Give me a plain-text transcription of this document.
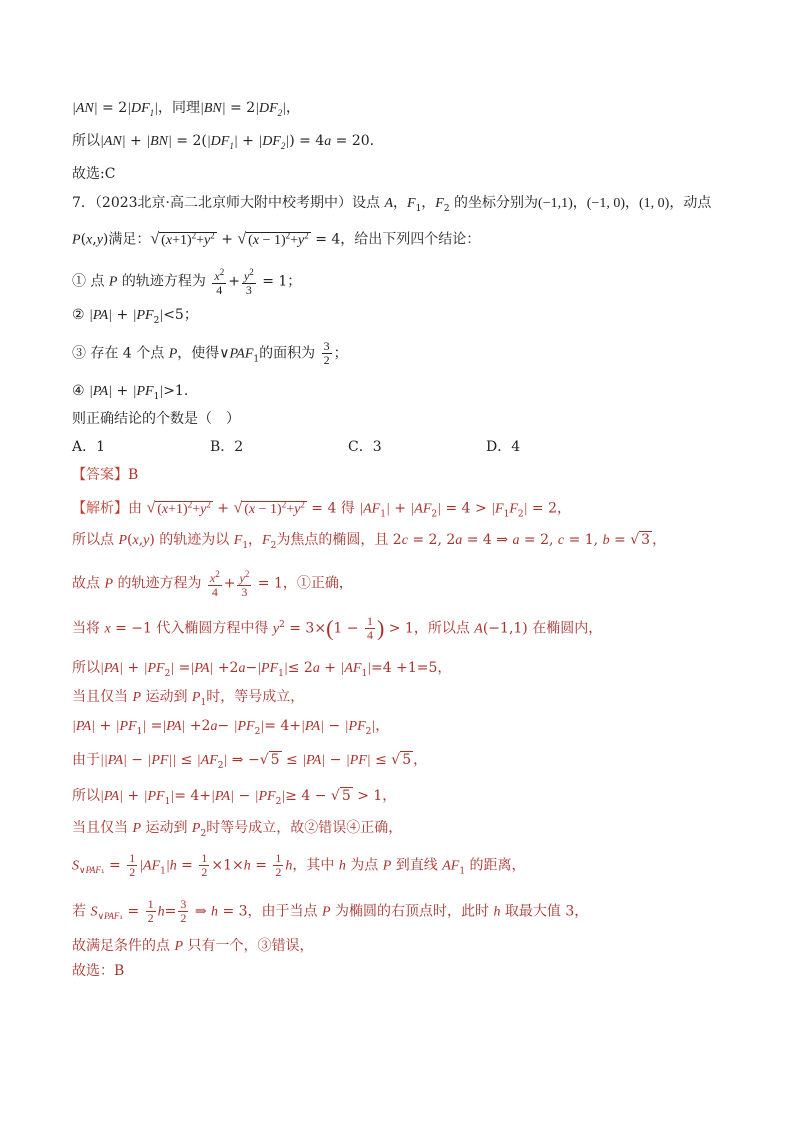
$|AN| = 2|DF_1|$，同理$|BN| = 2|DF_2|$，
所以$|AN| + |BN| = 2(|DF_1| + |DF_2|) = 4a = 20$．
故选:C
7．（2023北京·高二北京师大附中校考期中）设点 A，$F_1$，$F_2$ 的坐标分别为(−1,1)，(−1, 0)，(1, 0)，动点
P(x,y)满足：√ $(x+1)^2+y^2$ + √ $(x - 1)^2+y^2 = 4$，给出下列四个结论：
① 点 P 的轨迹方程为 $\frac{x^2}{4} + \frac{y^2}{3} = 1$；
② $|PA| + |PF_2|<5$；
③ 存在 4 个点 P，使得$\vee PAF_1$的面积为 $\frac{3}{2}$ ；
④ $|PA| + |PF_1|>1$.
则正确结论的个数是（　）
A．1	B．2	C．3	D．4
【答案】B
【解析】由 √ $(x+1)^2+y^2$ + √ $(x - 1)^2+y^2 = 4$ 得 $|AF_1| + |AF_2| = 4 > |F_1F_2| = 2$，
所以点 P(x,y) 的轨迹为以 $F_1$，$F_2$为焦点的椭圆，且 2c = 2, 2a = 4 ⇒ a = 2, c = 1, b = √ 3 ，
故点 P 的轨迹方程为 $\frac{x^2}{4} + \frac{y^2}{3} = 1$，①正确，
当将 x = −1 代入椭圆方程中得 $y^2 = 3\times(1 - \frac{1}{4}$ ) > 1，所以点 A(−1,1) 在椭圆内，
所以$|PA| + |PF_2| =|PA| +2a-|PF_1|\le 2a + |AF_1|=4 +1=5$，
当且仅当 P 运动到 $P_1$时，等号成立，
$|PA| + |PF_1| =|PA| +2a- |PF_2|= 4+|PA| - |PF_2|$，
由于$||PA| - |PF|| \le |AF_2|$ ⇒ −√ 5 ≤ |PA| − |PF| ≤ √ 5 ，
所以$|PA| + |PF_1|= 4+|PA| - |PF_2|\ge 4$ − √ 5 > 1，
当且仅当 P 运动到 $P_2$时等号成立，故②错误④正确，
$S_{\vee PAF_1} = \frac{1}{2} |AF_1|h = \frac{1}{2} \times 1\times h = \frac{1}{2}$ h，其中 h 为点 P 到直线 $AF_1$ 的距离，
若 $S_{\vee PAF_1} = \frac{1}{2} h= \frac{3}{2}$ ⇒ h = 3，由于当点 P 为椭圆的右顶点时，此时 h 取最大值 3，
故满足条件的点 P 只有一个，③错误，
故选：B
